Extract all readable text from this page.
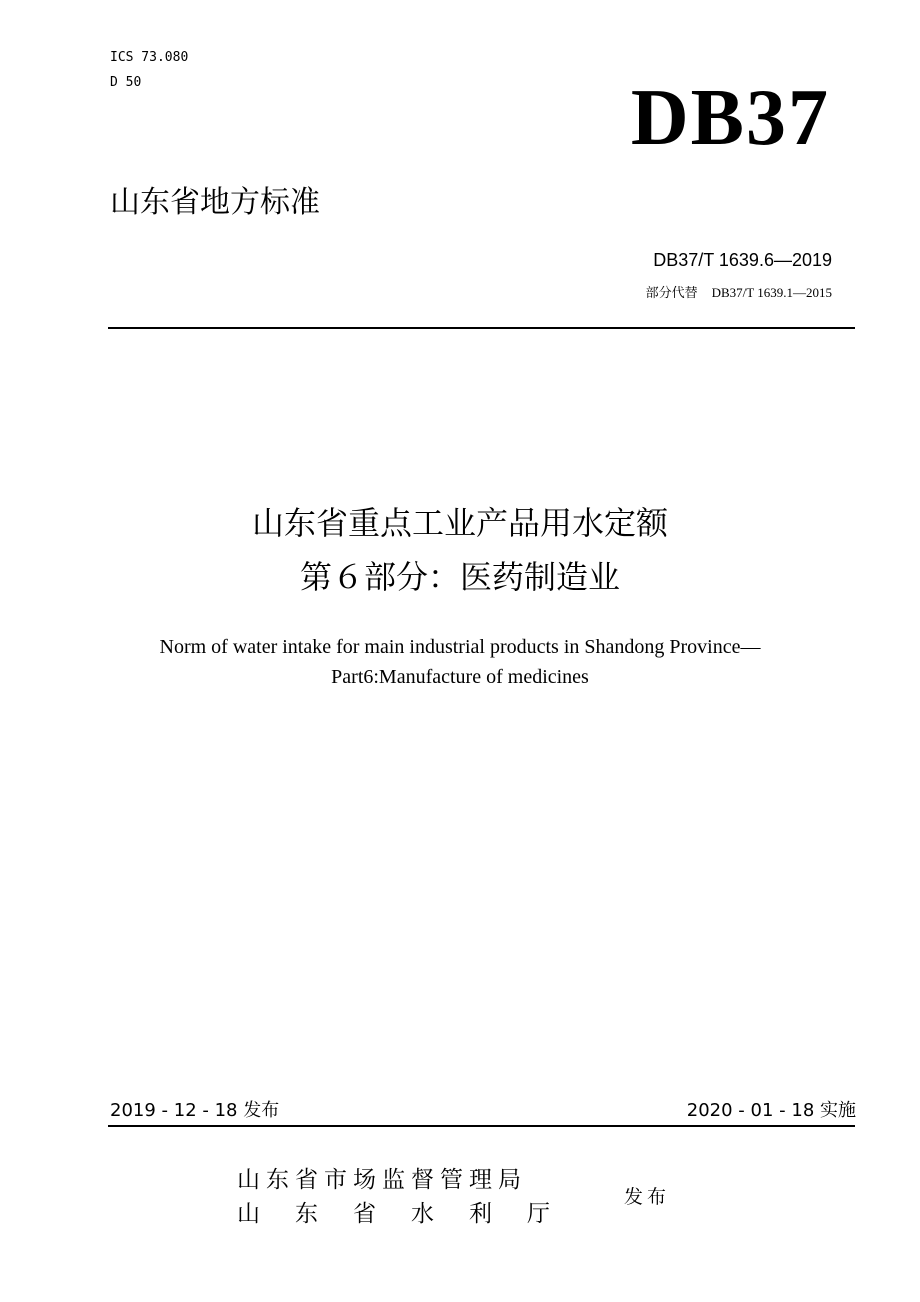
ICS 73.080
D 50	DB37
山东省地方标准
DB37/T 1639.6—2019
部分代替 DB37/T 1639.1—2015
山东省重点工业产品用水定额
第６部分：医药制造业
Norm of water intake for main industrial products in Shandong Province—
Part6:Manufacture of medicines
2019 - 12 - 18 发布	2020 - 01 - 18 实施
山东省市场监督管理局
山 东 省 水 利 厅
发布
